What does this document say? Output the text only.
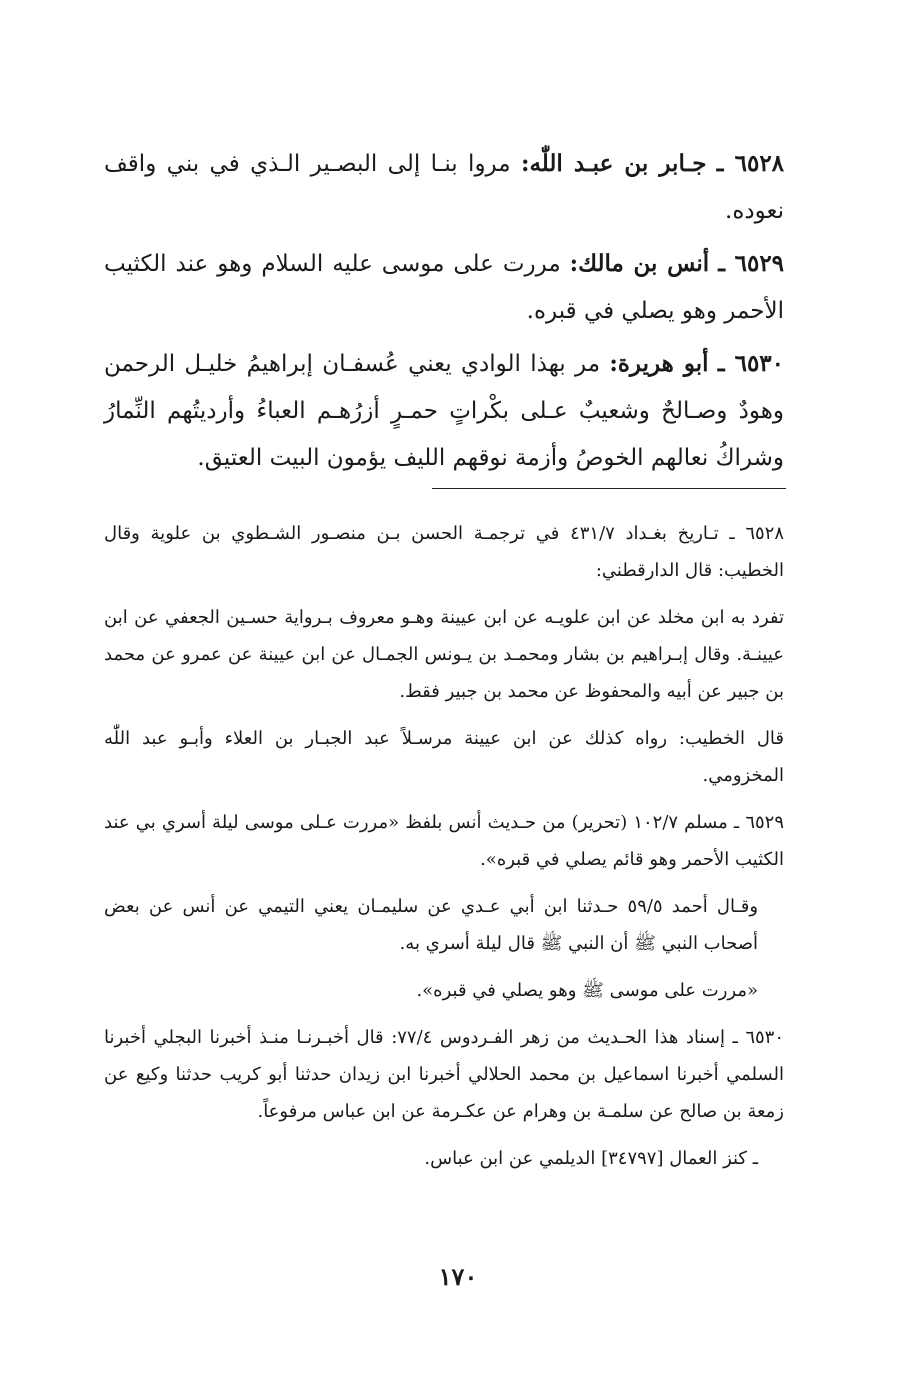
٦٥٢٨ ـ جـابر بن عبـد اللّٰه: مروا بنـا إلى البصـير الـذي في بني واقف نعوده.
٦٥٢٩ ـ أنس بن مالك: مررت على موسى عليه السلام وهو عند الكثيب الأحمر وهو يصلي في قبره.
٦٥٣٠ ـ أبو هريرة: مر بهذا الوادي يعني عُسفـان إبراهيمُ خليـل الرحمن وهودٌ وصـالحٌ وشعيبٌ عـلى بكْراتٍ حمـرٍ أزرُهـم العباءُ وأرديتُهم النِّمارُ وشراكُ نعالهم الخوصُ وأزمة نوقهم الليف يؤمون البيت العتيق.

٦٥٢٨ ـ تـاريخ بغـداد ٤٣١/٧ في ترجمـة الحسن بـن منصـور الشـطوي بن علوية وقال الخطيب: قال الدارقطني:

تفرد به ابن مخلد عن ابن علويـه عن ابن عيينة وهـو معروف بـرواية حسـين الجعفي عن ابن عيينـة. وقال إبـراهيم بن بشار ومحمـد بن يـونس الجمـال عن ابن عيينة عن عمرو عن محمد بن جبير عن أبيه والمحفوظ عن محمد بن جبير فقط.

قال الخطيب: رواه كذلك عن ابن عيينة مرسـلاً عبد الجبـار بن العلاء وأبـو عبد اللّٰه المخزومي.

٦٥٢٩ ـ مسلم ١٠٢/٧ (تحرير) من حـديث أنس بلفظ «مررت عـلى موسى ليلة أسري بي عند الكثيب الأحمر وهو قائم يصلي في قبره».

وقـال أحمد ٥٩/٥ حـدثنا ابن أبي عـدي عن سليمـان يعني التيمي عن أنس عن بعض أصحاب النبي ﷺ أن النبي ﷺ قال ليلة أسري به.

«مررت على موسى ﷺ وهو يصلي في قبره».

٦٥٣٠ ـ إسناد هذا الحـديث من زهر الفـردوس ٧٧/٤: قال أخبـرنـا منـذ أخبرنا البجلي أخبرنا السلمي أخبرنا اسماعيل بن محمد الحلالي أخبرنا ابن زيدان حدثنا أبو كريب حدثنا وكيع عن زمعة بن صالح عن سلمـة بن وهرام عن عكـرمة عن ابن عباس مرفوعاً.

ـ كنز العمال [٣٤٧٩٧] الديلمي عن ابن عباس.

١٧٠
